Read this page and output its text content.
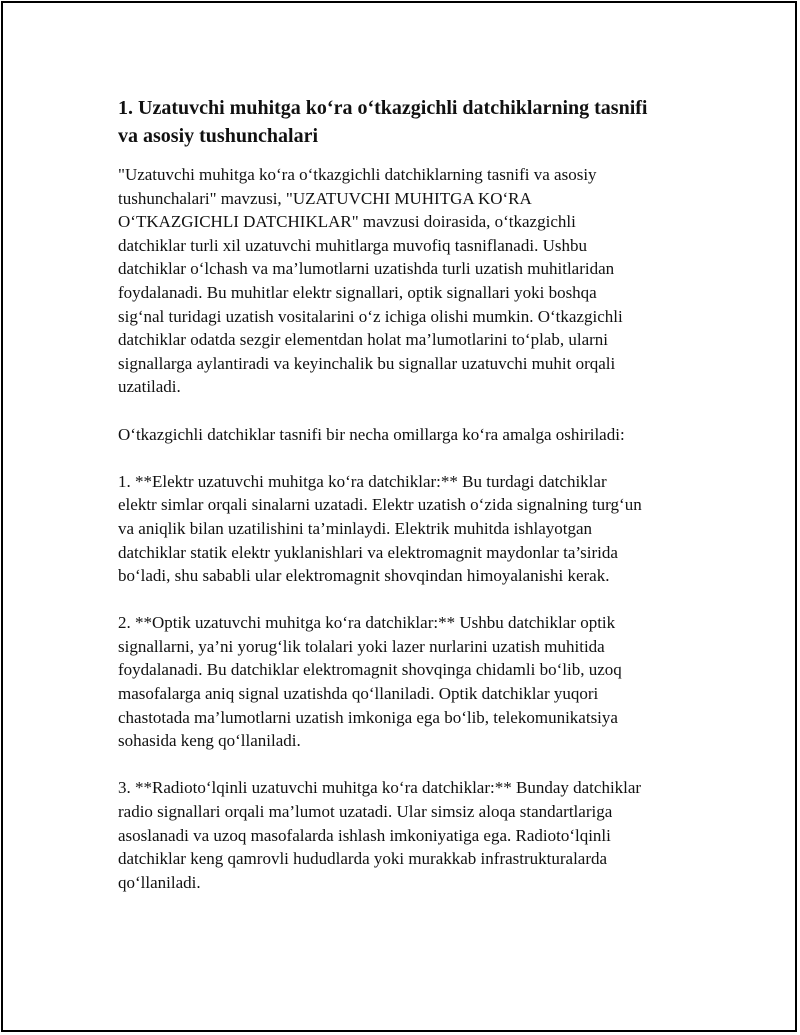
1. Uzatuvchi muhitga ko‘ra o‘tkazgichli datchiklarning tasnifi
va asosiy tushunchalari

"Uzatuvchi muhitga ko‘ra o‘tkazgichli datchiklarning tasnifi va asosiy
tushunchalari" mavzusi, "UZATUVCHI MUHITGA KO‘RA
O‘TKAZGICHLI DATCHIKLAR" mavzusi doirasida, o‘tkazgichli
datchiklar turli xil uzatuvchi muhitlarga muvofiq tasniflanadi. Ushbu
datchiklar o‘lchash va ma’lumotlarni uzatishda turli uzatish muhitlaridan
foydalanadi. Bu muhitlar elektr signallari, optik signallari yoki boshqa
sig‘nal turidagi uzatish vositalarini o‘z ichiga olishi mumkin. O‘tkazgichli
datchiklar odatda sezgir elementdan holat ma’lumotlarini to‘plab, ularni
signallarga aylantiradi va keyinchalik bu signallar uzatuvchi muhit orqali
uzatiladi.

O‘tkazgichli datchiklar tasnifi bir necha omillarga ko‘ra amalga oshiriladi:

1. **Elektr uzatuvchi muhitga ko‘ra datchiklar:** Bu turdagi datchiklar
elektr simlar orqali sinalarni uzatadi. Elektr uzatish o‘zida signalning turg‘un
va aniqlik bilan uzatilishini ta’minlaydi. Elektrik muhitda ishlayotgan
datchiklar statik elektr yuklanishlari va elektromagnit maydonlar ta’sirida
bo‘ladi, shu sababli ular elektromagnit shovqindan himoyalanishi kerak.

2. **Optik uzatuvchi muhitga ko‘ra datchiklar:** Ushbu datchiklar optik
signallarni, ya’ni yorug‘lik tolalari yoki lazer nurlarini uzatish muhitida
foydalanadi. Bu datchiklar elektromagnit shovqinga chidamli bo‘lib, uzoq
masofalarga aniq signal uzatishda qo‘llaniladi. Optik datchiklar yuqori
chastotada ma’lumotlarni uzatish imkoniga ega bo‘lib, telekomunikatsiya
sohasida keng qo‘llaniladi.

3. **Radioto‘lqinli uzatuvchi muhitga ko‘ra datchiklar:** Bunday datchiklar
radio signallari orqali ma’lumot uzatadi. Ular simsiz aloqa standartlariga
asoslanadi va uzoq masofalarda ishlash imkoniyatiga ega. Radioto‘lqinli
datchiklar keng qamrovli hududlarda yoki murakkab infrastrukturalarda
qo‘llaniladi.
